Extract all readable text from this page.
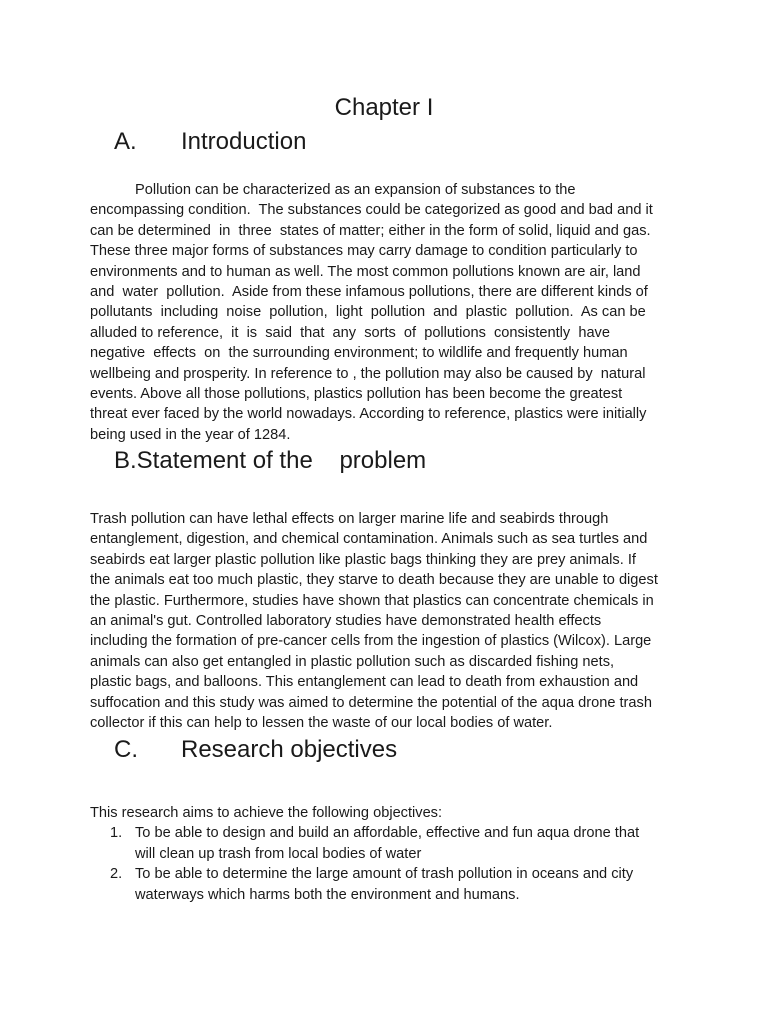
Chapter I
A. Introduction
Pollution can be characterized as an expansion of substances to the
encompassing condition.  The substances could be categorized as good and bad and it
can be determined  in  three  states of matter; either in the form of solid, liquid and gas.
These three major forms of substances may carry damage to condition particularly to
environments and to human as well. The most common pollutions known are air, land
and  water  pollution.  Aside from these infamous pollutions, there are different kinds of
pollutants  including  noise  pollution,  light  pollution  and  plastic  pollution.  As can be
alluded to reference,  it  is  said  that  any  sorts  of  pollutions  consistently  have
negative  effects  on  the surrounding environment; to wildlife and frequently human
wellbeing and prosperity. In reference to , the pollution may also be caused by  natural
events. Above all those pollutions, plastics pollution has been become the greatest
threat ever faced by the world nowadays. According to reference, plastics were initially
being used in the year of 1284.
B.Statement of the    problem
Trash pollution can have lethal effects on larger marine life and seabirds through
entanglement, digestion, and chemical contamination. Animals such as sea turtles and
seabirds eat larger plastic pollution like plastic bags thinking they are prey animals. If
the animals eat too much plastic, they starve to death because they are unable to digest
the plastic. Furthermore, studies have shown that plastics can concentrate chemicals in
an animal's gut. Controlled laboratory studies have demonstrated health effects
including the formation of pre-cancer cells from the ingestion of plastics (Wilcox). Large
animals can also get entangled in plastic pollution such as discarded fishing nets,
plastic bags, and balloons. This entanglement can lead to death from exhaustion and
suffocation and this study was aimed to determine the potential of the aqua drone trash
collector if this can help to lessen the waste of our local bodies of water.
C. Research objectives
This research aims to achieve the following objectives:
1. To be able to design and build an affordable, effective and fun aqua drone that
will clean up trash from local bodies of water
2. To be able to determine the large amount of trash pollution in oceans and city
waterways which harms both the environment and humans.
